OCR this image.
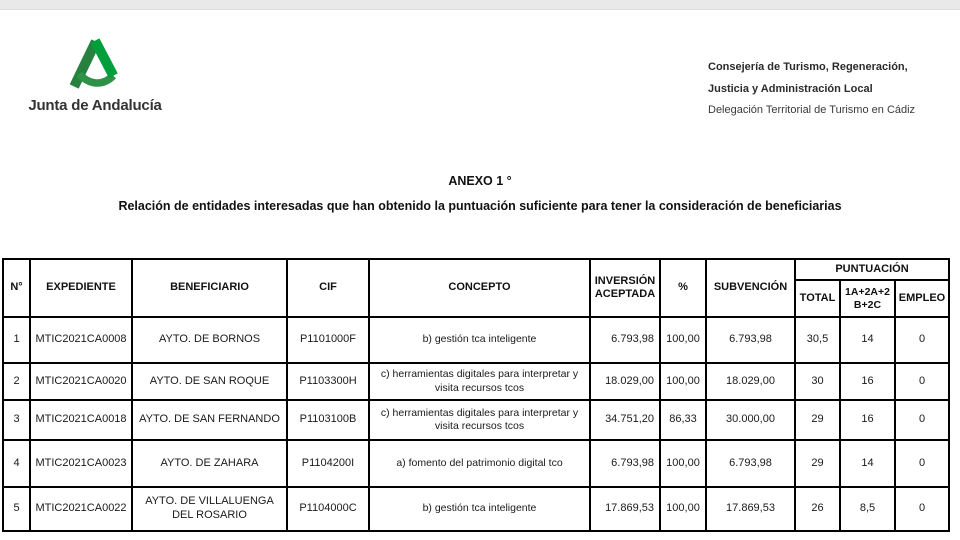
Junta de Andalucía
Consejería de Turismo, Regeneración,
Justicia y Administración Local
Delegación Territorial de Turismo en Cádiz
ANEXO 1 °
Relación de entidades interesadas que han obtenido la puntuación suficiente para tener la consideración de beneficiarias
N°	EXPEDIENTE	BENEFICIARIO	CIF	CONCEPTO	INVERSIÓN ACEPTADA	%	SUBVENCIÓN	PUNTUACIÓN		
								TOTAL	1A+2A+2B+2C	EMPLEO
1	MTIC2021CA0008	AYTO. DE BORNOS	P1101000F	b) gestión tca inteligente	6.793,98	100,00	6.793,98	30,5	14	0
2	MTIC2021CA0020	AYTO. DE SAN ROQUE	P1103300H	c) herramientas digitales para interpretar y visita recursos tcos	18.029,00	100,00	18.029,00	30	16	0
3	MTIC2021CA0018	AYTO. DE SAN FERNANDO	P1103100B	c) herramientas digitales para interpretar y visita recursos tcos	34.751,20	86,33	30.000,00	29	16	0
4	MTIC2021CA0023	AYTO. DE ZAHARA	P1104200I	a) fomento del patrimonio digital tco	6.793,98	100,00	6.793,98	29	14	0
5	MTIC2021CA0022	AYTO. DE VILLALUENGA DEL ROSARIO	P1104000C	b) gestión tca inteligente	17.869,53	100,00	17.869,53	26	8,5	0
